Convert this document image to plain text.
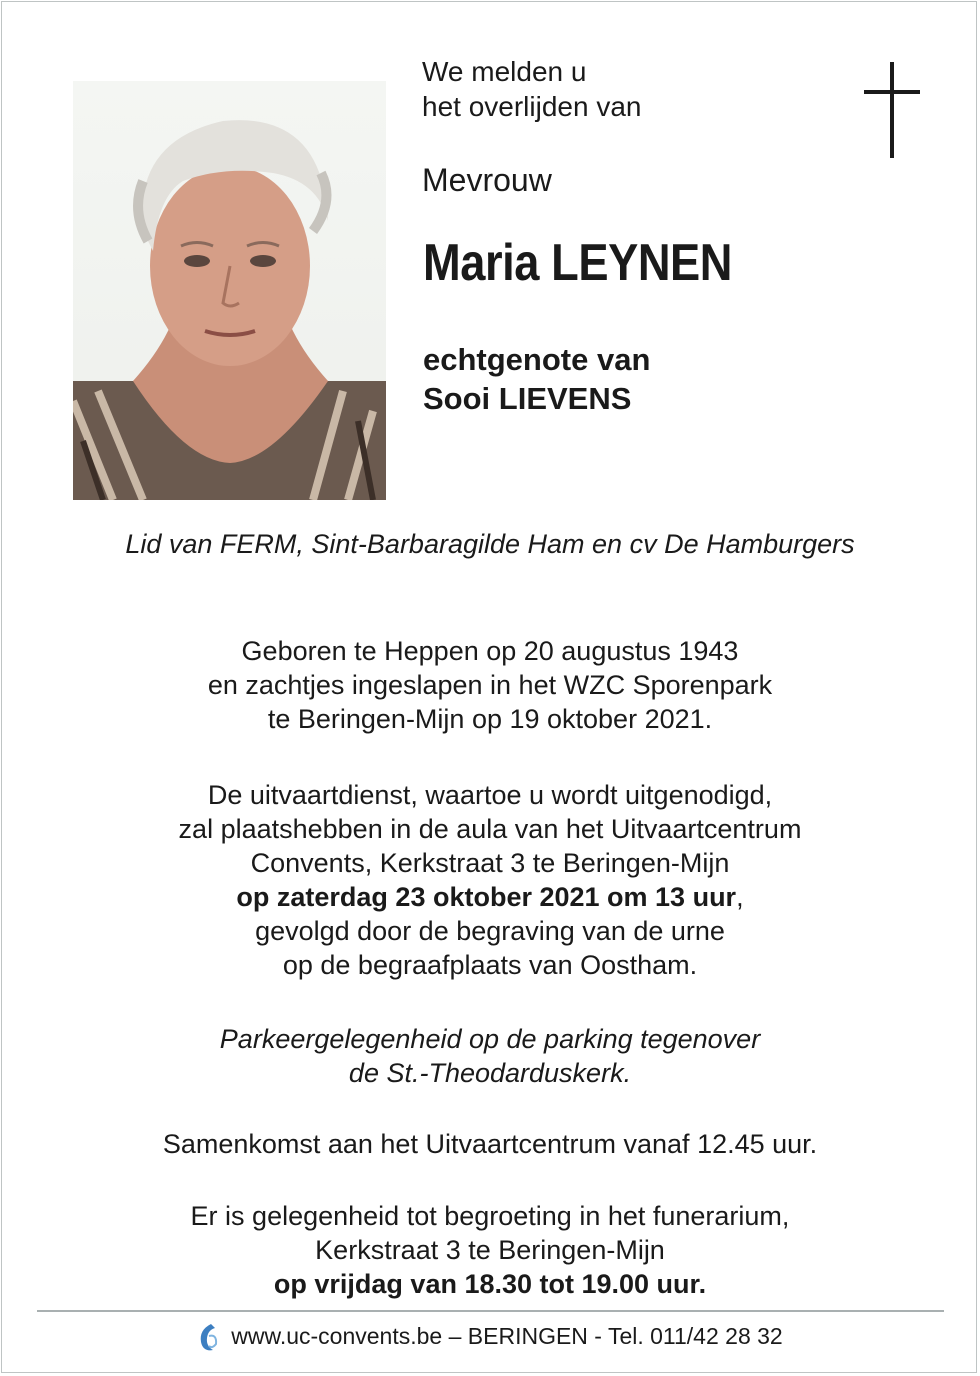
We melden u
het overlijden van
Mevrouw
Maria LEYNEN
echtgenote van
Sooi LIEVENS
Lid van FERM, Sint-Barbaragilde Ham en cv De Hamburgers
Geboren te Heppen op 20 augustus 1943
en zachtjes ingeslapen in het WZC Sporenpark
te Beringen-Mijn op 19 oktober 2021.
De uitvaartdienst, waartoe u wordt uitgenodigd,
zal plaatshebben in de aula van het Uitvaartcentrum
Convents, Kerkstraat 3 te Beringen-Mijn
op zaterdag 23 oktober 2021 om 13 uur,
gevolgd door de begraving van de urne
op de begraafplaats van Oostham.
Parkeergelegenheid op de parking tegenover
de St.-Theodarduskerk.
Samenkomst aan het Uitvaartcentrum vanaf 12.45 uur.
Er is gelegenheid tot begroeting in het funerarium,
Kerkstraat 3 te Beringen-Mijn
op vrijdag van 18.30 tot 19.00 uur.
www.uc-convents.be – BERINGEN - Tel. 011/42 28 32
